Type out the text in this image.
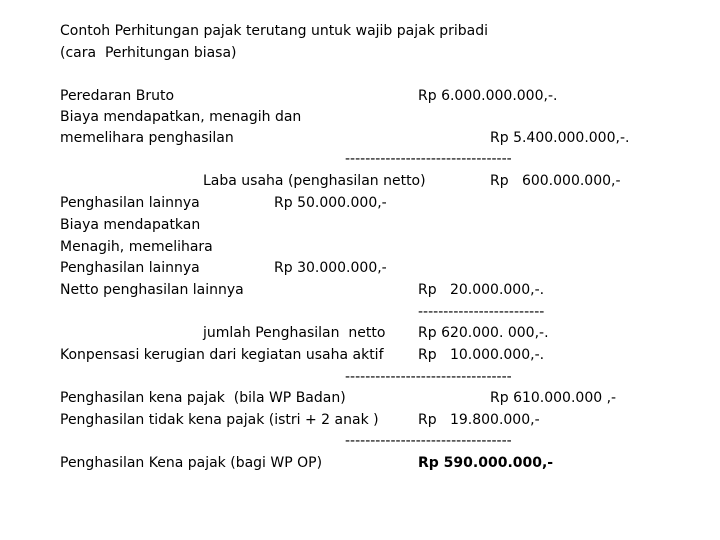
Contoh Perhitungan pajak terutang untuk wajib pajak pribadi
(cara  Perhitungan biasa)
Peredaran Bruto	Rp 6.000.000.000,-.
Biaya mendapatkan, menagih dan
memelihara penghasilan	Rp 5.400.000.000,-.
---------------------------------
Laba usaha (penghasilan netto)	Rp   600.000.000,-
Penghasilan lainnya	Rp 50.000.000,-
Biaya mendapatkan
Menagih, memelihara
Penghasilan lainnya	Rp 30.000.000,-
Netto penghasilan lainnya	Rp   20.000.000,-.
-------------------------
jumlah Penghasilan  netto Rp 620.000. 000,-.
Konpensasi kerugian dari kegiatan usaha aktif Rp   10.000.000,-.
---------------------------------
Penghasilan kena pajak  (bila WP Badan)	Rp 610.000.000 ,-
Penghasilan tidak kena pajak (istri + 2 anak )	Rp   19.800.000,-
---------------------------------
Penghasilan Kena pajak (bagi WP OP)	Rp 590.000.000,-
